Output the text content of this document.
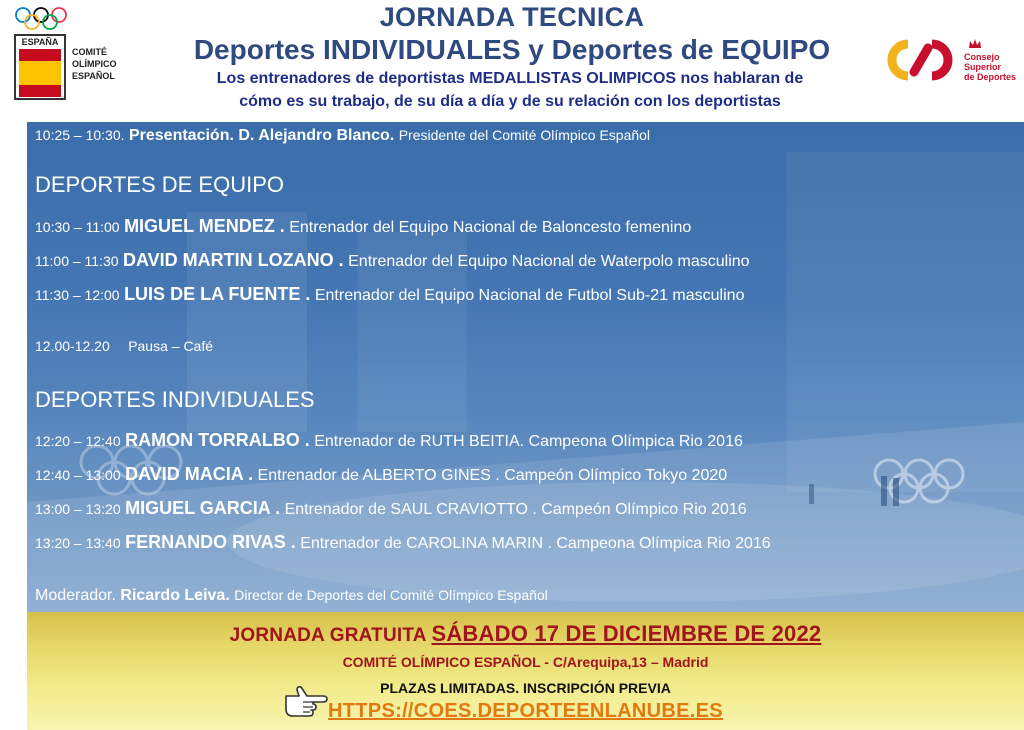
ESPAÑA
COMITÉ
OLÍMPICO
ESPAÑOL
JORNADA TECNICA
Deportes INDIVIDUALES y Deportes de EQUIPO
Los entrenadores de deportistas MEDALLISTAS OLIMPICOS nos hablaran de
cómo es su trabajo, de su día a día y de su relación con los deportistas
Consejo
Superior
de Deportes
10:25 – 10:30. Presentación. D. Alejandro Blanco. Presidente del Comité Olímpico Español
DEPORTES DE EQUIPO
10:30 – 11:00 MIGUEL MENDEZ . Entrenador del Equipo Nacional de Baloncesto femenino
11:00 – 11:30 DAVID MARTIN LOZANO . Entrenador del Equipo Nacional de Waterpolo masculino
11:30 – 12:00 LUIS DE LA FUENTE . Entrenador del Equipo Nacional de Futbol Sub-21 masculino
12.00-12.20 Pausa – Café
DEPORTES INDIVIDUALES
12:20 – 12:40 RAMON TORRALBO . Entrenador de RUTH BEITIA. Campeona Olímpica Rio 2016
12:40 – 13:00 DAVID MACIA . Entrenador de ALBERTO GINES . Campeón Olímpico Tokyo 2020
13:00 – 13:20 MIGUEL GARCIA . Entrenador de SAUL CRAVIOTTO . Campeón Olímpico Rio 2016
13:20 – 13:40 FERNANDO RIVAS . Entrenador de CAROLINA MARIN . Campeona Olímpica Rio 2016
Moderador. Ricardo Leiva. Director de Deportes del Comité Olímpico Español
JORNADA GRATUITA SÁBADO 17 DE DICIEMBRE DE 2022
COMITÉ OLÍMPICO ESPAÑOL - C/Arequipa,13 – Madrid
PLAZAS LIMITADAS. INSCRIPCIÓN PREVIA
HTTPS://COES.DEPORTEENLANUBE.ES
